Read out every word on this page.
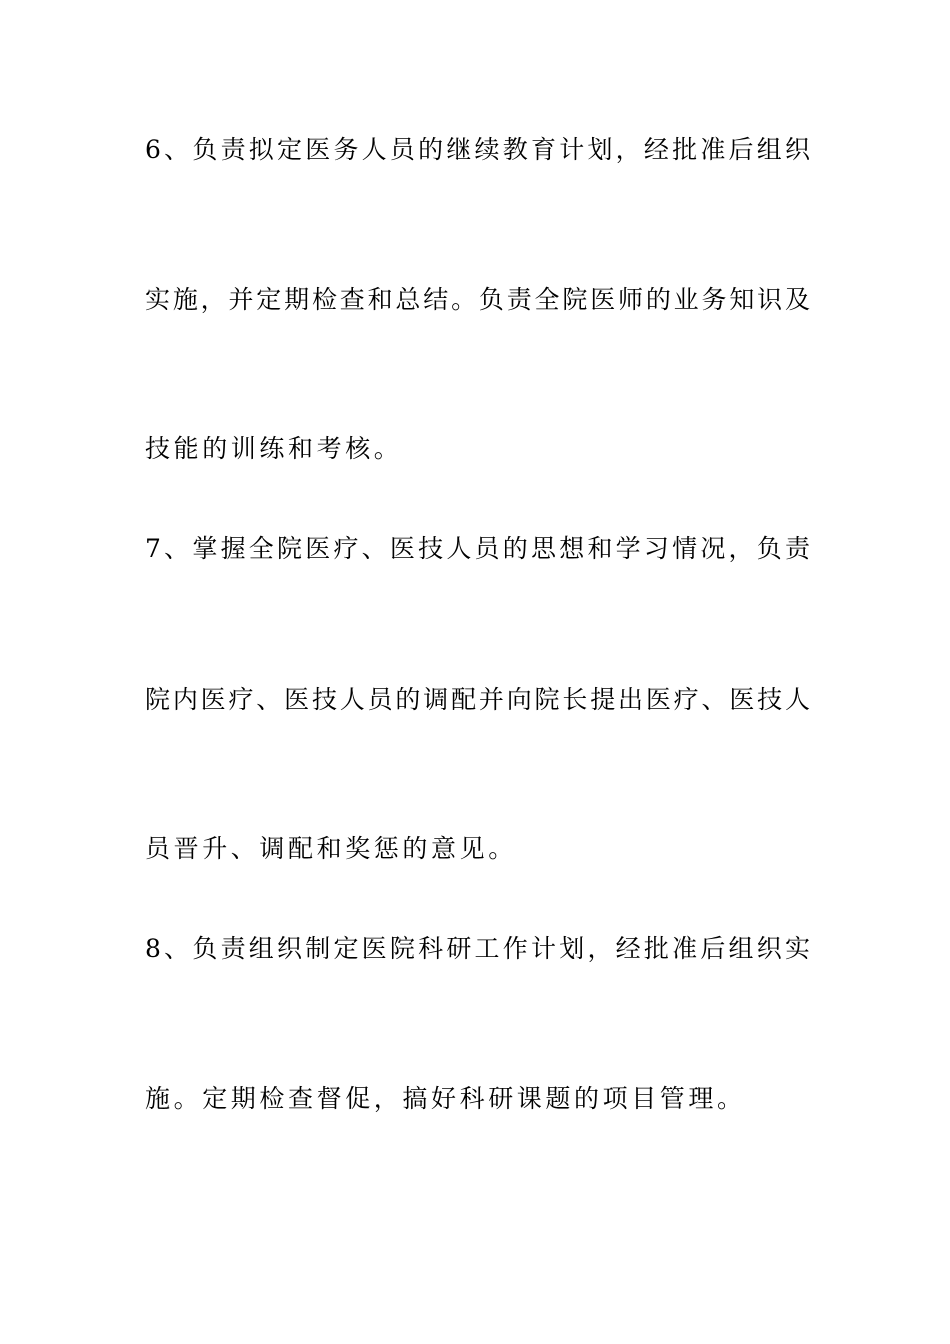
6、负责拟定医务人员的继续教育计划，经批准后组织
实施，并定期检查和总结。负责全院医师的业务知识及
技能的训练和考核。
7、掌握全院医疗、医技人员的思想和学习情况，负责
院内医疗、医技人员的调配并向院长提出医疗、医技人
员晋升、调配和奖惩的意见。
8、负责组织制定医院科研工作计划，经批准后组织实
施。定期检查督促，搞好科研课题的项目管理。
